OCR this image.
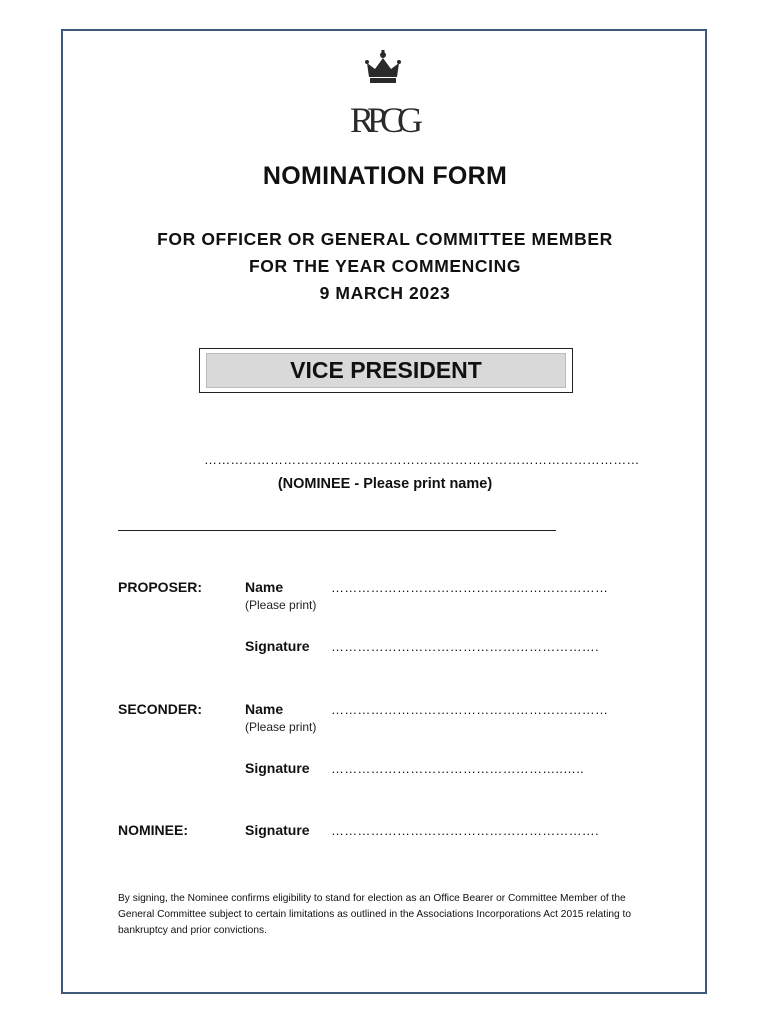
RPCG
NOMINATION FORM
FOR OFFICER OR GENERAL COMMITTEE MEMBER
FOR THE YEAR COMMENCING
9 MARCH 2023
VICE PRESIDENT
………………………………………………………………………………………
(NOMINEE - Please print name)
PROPOSER:	Name	………………………………………………………
(Please print)
Signature …………………………………………………….
SECONDER:	Name	………………………………………………………
(Please print)
Signature ……………………………………………..…..
NOMINEE:	Signature …………………………………………………….
By signing, the Nominee confirms eligibility to stand for election as an Office Bearer or Committee Member of the General Committee subject to certain limitations as outlined in the Associations Incorporations Act 2015 relating to bankruptcy and prior convictions.
